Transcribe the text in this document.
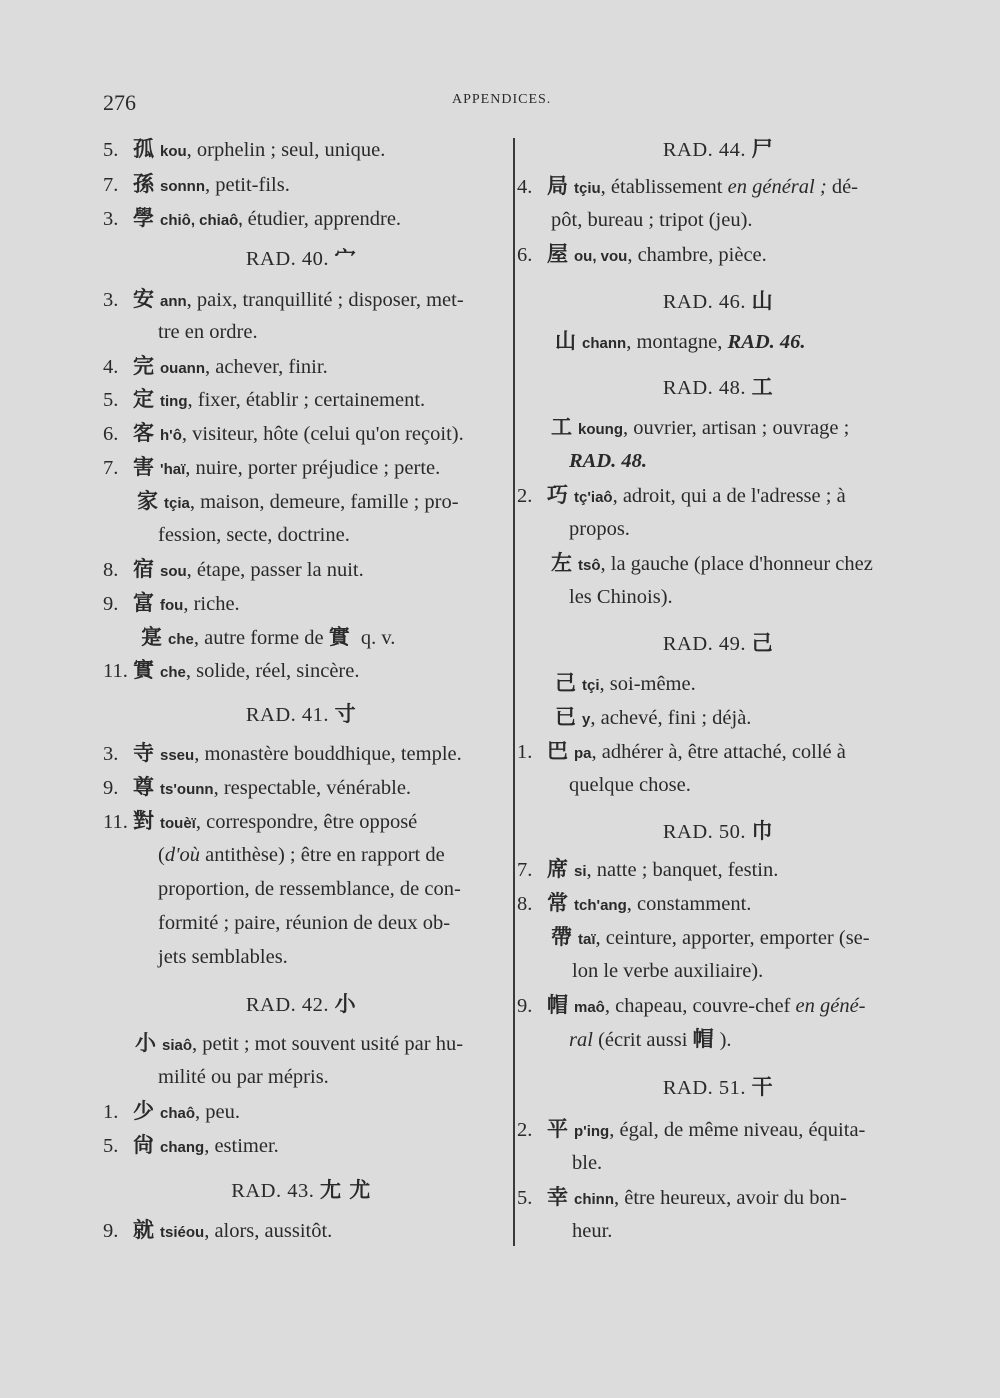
276	APPENDICES.
5. 孤 kou, orphelin ; seul, unique.
7. 孫 sonnn, petit-fils.
3. 學 chiô, chiaô, étudier, apprendre.
RAD. 40. 宀
3. 安 ann, paix, tranquillité ; disposer, met-
tre en ordre.
4. 完 ouann, achever, finir.
5. 定 ting, fixer, établir ; certainement.
6. 客 h'ô, visiteur, hôte (celui qu'on reçoit).
7. 害 'haï, nuire, porter préjudice ; perte.
家 tçia, maison, demeure, famille ; pro-
fession, secte, doctrine.
8. 宿 sou, étape, passer la nuit.
9. 富 fou, riche.
寔 che, autre forme de 實 q. v.
11. 實 che, solide, réel, sincère.
RAD. 41. 寸
3. 寺 sseu, monastère bouddhique, temple.
9. 尊 ts'ounn, respectable, vénérable.
11. 對 touèï, correspondre, être opposé
(d'où antithèse) ; être en rapport de
proportion, de ressemblance, de con-
formité ; paire, réunion de deux ob-
jets semblables.
RAD. 42. 小
小 siaô, petit ; mot souvent usité par hu-
milité ou par mépris.
1. 少 chaô, peu.
5. 尙 chang, estimer.
RAD. 43. 尢 尤
9. 就 tsiéou, alors, aussitôt.
RAD. 44. 尸
4. 局 tçiu, établissement en général ; dé-
pôt, bureau ; tripot (jeu).
6. 屋 ou, vou, chambre, pièce.
RAD. 46. 山
山 chann, montagne, RAD. 46.
RAD. 48. 工
工 koung, ouvrier, artisan ; ouvrage ;
RAD. 48.
2. 巧 tç'iaô, adroit, qui a de l'adresse ; à
propos.
左 tsô, la gauche (place d'honneur chez
les Chinois).
RAD. 49. 己
己 tçi, soi-même.
已 y, achevé, fini ; déjà.
1. 巴 pa, adhérer à, être attaché, collé à
quelque chose.
RAD. 50. 巾
7. 席 si, natte ; banquet, festin.
8. 常 tch'ang, constamment.
帶 taï, ceinture, apporter, emporter (se-
lon le verbe auxiliaire).
9. 帽 maô, chapeau, couvre-chef en géné-
ral (écrit aussi 帽 ).
RAD. 51. 干
2. 平 p'ing, égal, de même niveau, équita-
ble.
5. 幸 chinn, être heureux, avoir du bon-
heur.
